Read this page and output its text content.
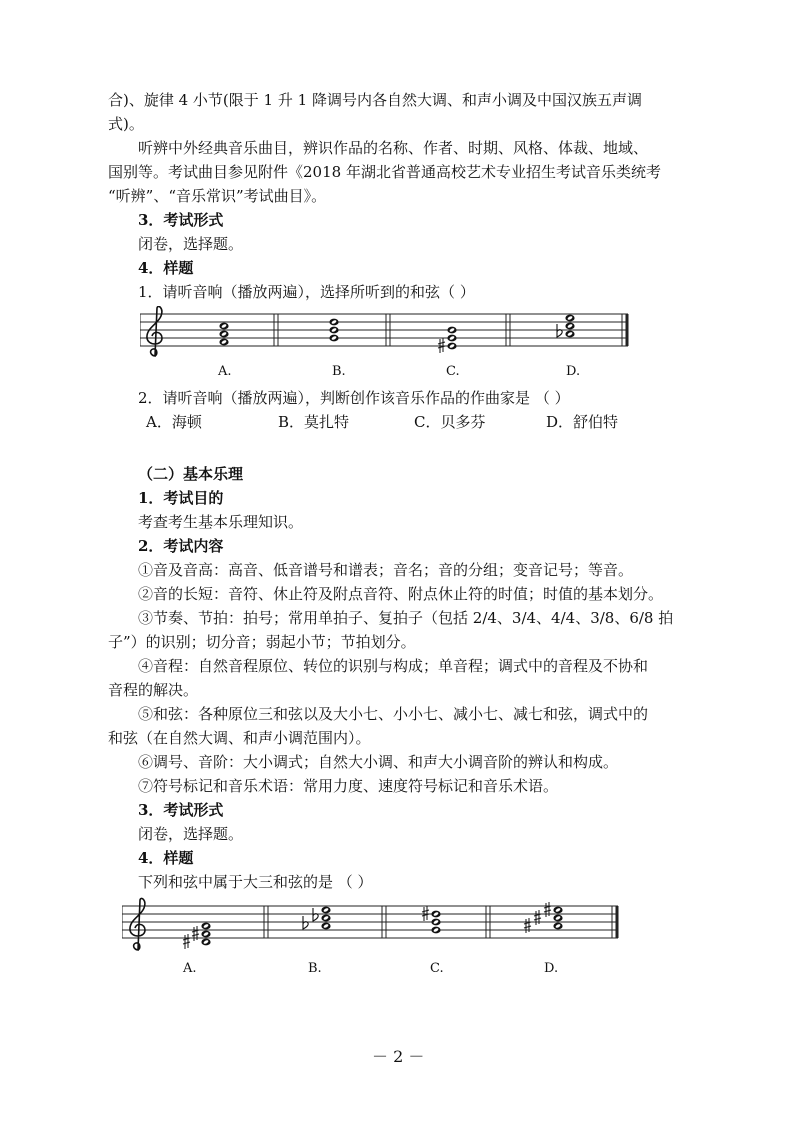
合)、旋律 4 小节(限于 1 升 1 降调号内各自然大调、和声小调及中国汉族五声调
式)。
听辨中外经典音乐曲目，辨识作品的名称、作者、时期、风格、体裁、地域、
国别等。考试曲目参见附件《2018 年湖北省普通高校艺术专业招生考试音乐类统考
“听辨”、“音乐常识”考试曲目》。
3．考试形式
闭卷，选择题。
4．样题
1．请听音响（播放两遍），选择所听到的和弦（ ）
A.	B.	C.	D.
2．请听音响（播放两遍），判断创作该音乐作品的作曲家是 （ ）
A．海顿	B．莫扎特	C．贝多芬	D．舒伯特
（二）基本乐理
1．考试目的
考查考生基本乐理知识。
2．考试内容
①音及音高：高音、低音谱号和谱表；音名；音的分组；变音记号；等音。
②音的长短：音符、休止符及附点音符、附点休止符的时值；时值的基本划分。
③节奏、节拍：拍号；常用单拍子、复拍子（包括 2/4、3/4、4/4、3/8、6/8 拍
子”）的识别；切分音；弱起小节；节拍划分。
④音程：自然音程原位、转位的识别与构成；单音程；调式中的音程及不协和
音程的解决。
⑤和弦：各种原位三和弦以及大小七、小小七、减小七、减七和弦，调式中的
和弦（在自然大调、和声小调范围内）。
⑥调号、音阶：大小调式；自然大小调、和声大小调音阶的辨认和构成。
⑦符号标记和音乐术语：常用力度、速度符号标记和音乐术语。
3．考试形式
闭卷，选择题。
4．样题
下列和弦中属于大三和弦的是 （ ）
A.	B.	C.	D.
－ 2 －
